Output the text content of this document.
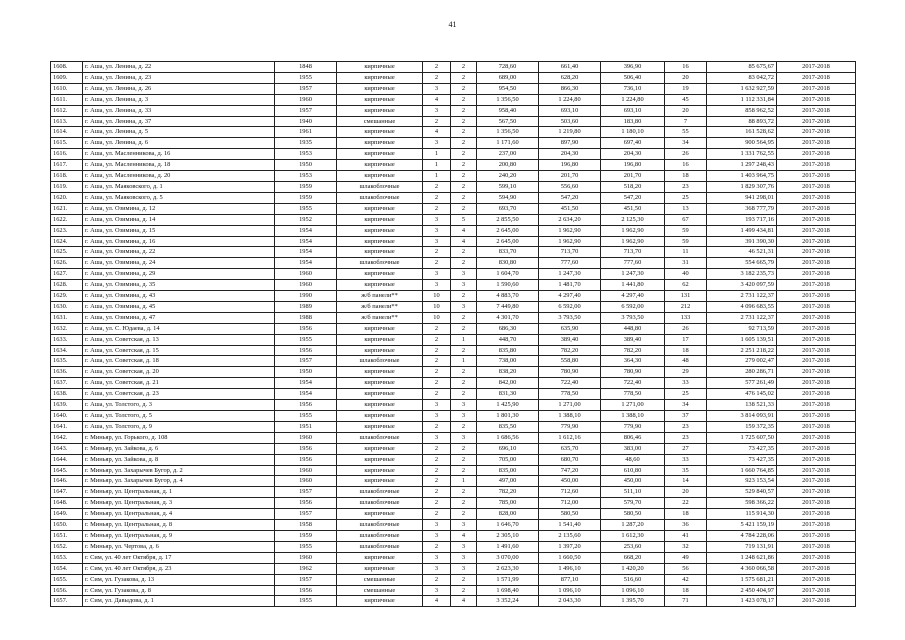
41
1608.	г. Аша, ул. Ленина, д. 22	1848	кирпичные	2	2	728,60	661,40	396,90	16	85 675,67	2017-2018
1609.	г. Аша, ул. Ленина, д. 23	1955	кирпичные	2	2	689,00	628,20	506,40	20	83 042,72	2017-2018
1610.	г. Аша, ул. Ленина, д. 26	1957	кирпичные	3	2	954,50	866,30	736,10	19	1 632 927,59	2017-2018
1611.	г. Аша, ул. Ленина, д. 3	1960	кирпичные	4	2	1 356,50	1 224,80	1 224,80	45	1 112 331,84	2017-2018
1612.	г. Аша, ул. Ленина, д. 33	1957	кирпичные	3	2	958,40	693,10	693,10	20	858 962,52	2017-2018
1613.	г. Аша, ул. Ленина, д. 37	1940	смешанные	2	2	567,50	503,60	183,80	7	88 893,72	2017-2018
1614.	г. Аша, ул. Ленина, д. 5	1961	кирпичные	4	2	1 356,50	1 219,80	1 180,10	55	161 528,62	2017-2018
1615.	г. Аша, ул. Ленина, д. 6	1935	кирпичные	3	2	1 171,60	897,90	697,40	34	900 564,95	2017-2018
1616.	г. Аша, ул. Масленникова, д. 16	1953	кирпичные	1	2	237,00	204,30	204,30	26	1 331 762,55	2017-2018
1617.	г. Аша, ул. Масленникова, д. 18	1950	кирпичные	1	2	200,80	196,80	196,80	16	1 297 248,43	2017-2018
1618.	г. Аша, ул. Масленникова, д. 20	1953	кирпичные	1	2	240,20	201,70	201,70	18	1 403 964,75	2017-2018
1619.	г. Аша, ул. Маяковского, д. 1	1959	шлакоблочные	2	2	599,10	556,60	518,20	23	1 829 307,76	2017-2018
1620.	г. Аша, ул. Маяковского, д. 5	1959	шлакоблочные	2	2	594,90	547,20	547,20	25	941 298,01	2017-2018
1621.	г. Аша, ул. Озимина, д. 12	1955	кирпичные	2	2	693,70	451,50	451,50	13	368 777,79	2017-2018
1622.	г. Аша, ул. Озимина, д. 14	1952	кирпичные	3	5	2 855,50	2 634,20	2 125,30	67	193 717,16	2017-2018
1623.	г. Аша, ул. Озимина, д. 15	1954	кирпичные	3	4	2 645,00	1 962,90	1 962,90	59	1 499 434,81	2017-2018
1624.	г. Аша, ул. Озимина, д. 16	1954	кирпичные	3	4	2 645,00	1 962,90	1 962,90	59	391 390,30	2017-2018
1625.	г. Аша, ул. Озимина, д. 22	1954	кирпичные	2	2	833,70	713,70	713,70	11	46 521,31	2017-2018
1626.	г. Аша, ул. Озимина, д. 24	1954	шлакоблочные	2	2	830,80	777,60	777,60	31	554 665,79	2017-2018
1627.	г. Аша, ул. Озимина, д. 29	1960	кирпичные	3	3	1 604,70	1 247,30	1 247,30	40	3 182 235,73	2017-2018
1628.	г. Аша, ул. Озимина, д. 35	1960	кирпичные	3	3	1 590,60	1 481,70	1 441,80	62	3 420 097,59	2017-2018
1629.	г. Аша, ул. Озимина, д. 43	1990	ж/б панели**	10	2	4 883,70	4 297,40	4 297,40	131	2 731 122,37	2017-2018
1630.	г. Аша, ул. Озимина, д. 45	1989	ж/б панели**	10	3	7 449,80	6 592,00	6 592,00	212	4 096 683,55	2017-2018
1631.	г. Аша, ул. Озимина, д. 47	1988	ж/б панели**	10	2	4 301,70	3 793,50	3 793,50	133	2 731 122,37	2017-2018
1632.	г. Аша, ул. С. Юдаева, д. 14	1956	кирпичные	2	2	686,30	635,90	448,80	26	92 713,59	2017-2018
1633.	г. Аша, ул. Советская, д. 13	1955	кирпичные	2	1	448,70	389,40	389,40	17	1 605 139,51	2017-2018
1634.	г. Аша, ул. Советская, д. 15	1956	кирпичные	2	2	835,80	782,20	782,20	18	2 251 218,22	2017-2018
1635.	г. Аша, ул. Советская, д. 18	1957	шлакоблочные	2	1	738,00	558,80	364,30	48	279 002,47	2017-2018
1636.	г. Аша, ул. Советская, д. 20	1950	кирпичные	2	2	838,20	780,90	780,90	29	280 286,71	2017-2018
1637.	г. Аша, ул. Советская, д. 21	1954	кирпичные	2	2	842,00	722,40	722,40	33	577 261,49	2017-2018
1638.	г. Аша, ул. Советская, д. 23	1954	кирпичные	2	2	831,30	778,50	778,50	25	476 145,02	2017-2018
1639.	г. Аша, ул. Толстого, д. 3	1956	кирпичные	3	3	1 425,90	1 271,00	1 271,00	34	138 521,33	2017-2018
1640.	г. Аша, ул. Толстого, д. 5	1955	кирпичные	3	3	1 801,30	1 388,10	1 388,10	37	3 814 093,91	2017-2018
1641.	г. Аша, ул. Толстого, д. 9	1951	кирпичные	2	2	835,50	779,90	779,90	23	159 372,35	2017-2018
1642.	г. Миньяр, ул. Горького, д. 108	1960	шлакоблочные	3	3	1 686,56	1 612,16	806,46	23	1 725 607,50	2017-2018
1643.	г. Миньяр, ул. Зайкова, д. 6	1956	кирпичные	2	2	696,10	635,70	383,00	27	73 427,35	2017-2018
1644.	г. Миньяр, ул. Зайкова, д. 8	1956	кирпичные	2	2	705,00	680,70	48,60	33	73 427,35	2017-2018
1645.	г. Миньяр, ул. Захарычев Бугор, д. 2	1960	кирпичные	2	2	835,00	747,20	610,80	35	1 660 764,85	2017-2018
1646.	г. Миньяр, ул. Захарычев Бугор, д. 4	1960	кирпичные	2	1	497,00	450,00	450,00	14	923 153,54	2017-2018
1647.	г. Миньяр, ул. Центральная, д. 1	1957	шлакоблочные	2	2	782,20	712,60	511,10	20	529 840,57	2017-2018
1648.	г. Миньяр, ул. Центральная, д. 3	1956	шлакоблочные	2	2	785,00	712,00	579,70	22	598 366,22	2017-2018
1649.	г. Миньяр, ул. Центральная, д. 4	1957	кирпичные	2	2	828,00	580,50	580,50	18	115 914,30	2017-2018
1650.	г. Миньяр, ул. Центральная, д. 8	1958	шлакоблочные	3	3	1 646,70	1 541,40	1 287,20	36	5 421 159,19	2017-2018
1651.	г. Миньяр, ул. Центральная, д. 9	1959	шлакоблочные	3	4	2 305,10	2 135,60	1 612,30	41	4 784 228,06	2017-2018
1652.	г. Миньяр, ул. Чертова, д. 6	1955	шлакоблочные	2	3	1 491,60	1 397,20	253,60	32	719 131,91	2017-2018
1653.	г. Сим, ул. 40 лет Октября, д. 17	1960	кирпичные	3	3	3 070,00	1 660,50	668,20	49	1 248 621,86	2017-2018
1654.	г. Сим, ул. 40 лет Октября, д. 23	1962	кирпичные	3	3	2 623,30	1 496,10	1 420,20	56	4 360 066,58	2017-2018
1655.	г. Сим, ул. Гузакова, д. 13	1957	смешанные	2	2	1 571,99	877,10	516,60	42	1 575 681,21	2017-2018
1656.	г. Сим, ул. Гузакова, д. 8	1956	смешанные	3	2	1 698,40	1 096,10	1 096,10	18	2 450 404,97	2017-2018
1657.	г. Сим, ул. Давыдова, д. 1	1955	кирпичные	4	4	3 352,24	2 043,30	1 395,70	71	1 423 078,17	2017-2018
